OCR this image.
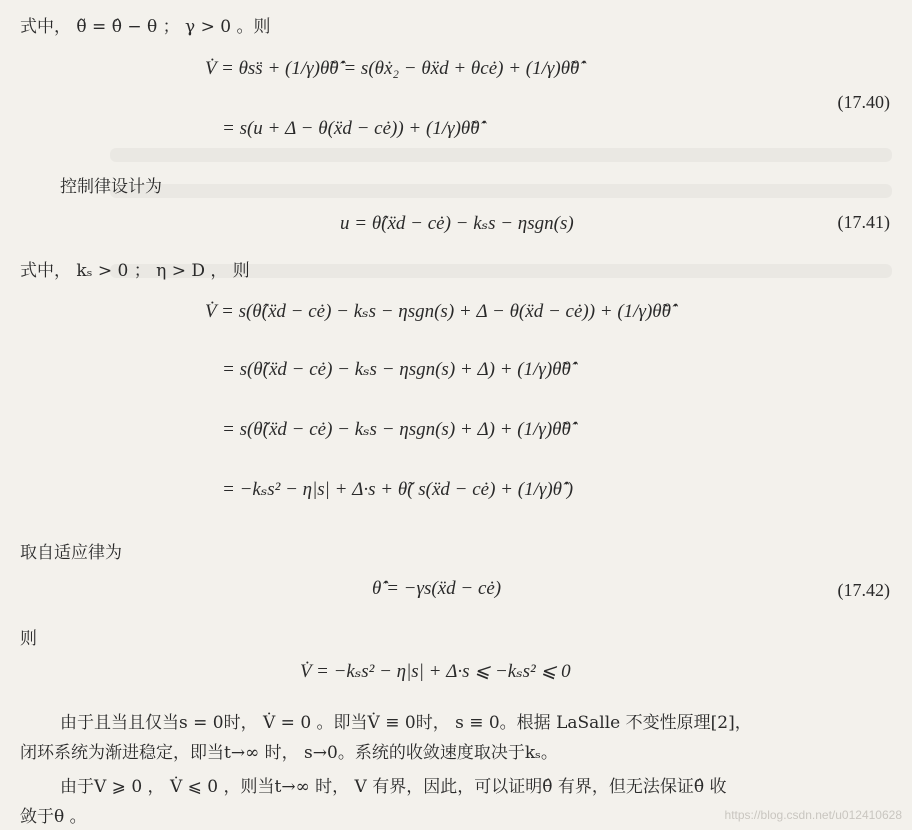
式中， θ̃ = θ̂ − θ ； γ > 0 。则
V̇ = θss̈ + (1/γ)θ̃θ̂̇ = s(θẋ₂ − θẍd + θcė) + (1/γ)θ̃θ̂̇
(17.40)
= s(u + Δ − θ(ẍd − cė)) + (1/γ)θ̃θ̂̇
控制律设计为
u = θ̂(ẍd − cė) − kₛs − ηsgn(s)	(17.41)
式中， kₛ > 0 ； η > D ， 则
V̇ = s(θ̂(ẍd − cė) − kₛs − ηsgn(s) + Δ − θ(ẍd − cė)) + (1/γ)θ̃θ̂̇
= s(θ̃(ẍd − cė) − kₛs − ηsgn(s) + Δ) + (1/γ)θ̃θ̂̇
= s(θ̃(ẍd − cė) − kₛs − ηsgn(s) + Δ) + (1/γ)θ̃θ̂̇
= −kₛs² − η|s| + Δ·s + θ̃( s(ẍd − cė) + (1/γ)θ̂̇ )
取自适应律为
θ̂̇ = −γs(ẍd − cė)	(17.42)
则
V̇ = −kₛs² − η|s| + Δ·s ⩽ −kₛs² ⩽ 0
由于且当且仅当s = 0时， V̇ = 0 。即当V̇ ≡ 0时， s ≡ 0。根据 LaSalle 不变性原理[2]，
闭环系统为渐进稳定，即当t→∞ 时， s→0。系统的收敛速度取决于kₛ。
由于V ⩾ 0 ， V̇ ⩽ 0 ，则当t→∞ 时， V 有界，因此，可以证明θ̂ 有界，但无法保证θ̂ 收
敛于θ 。	https://blog.csdn.net/u012410628
